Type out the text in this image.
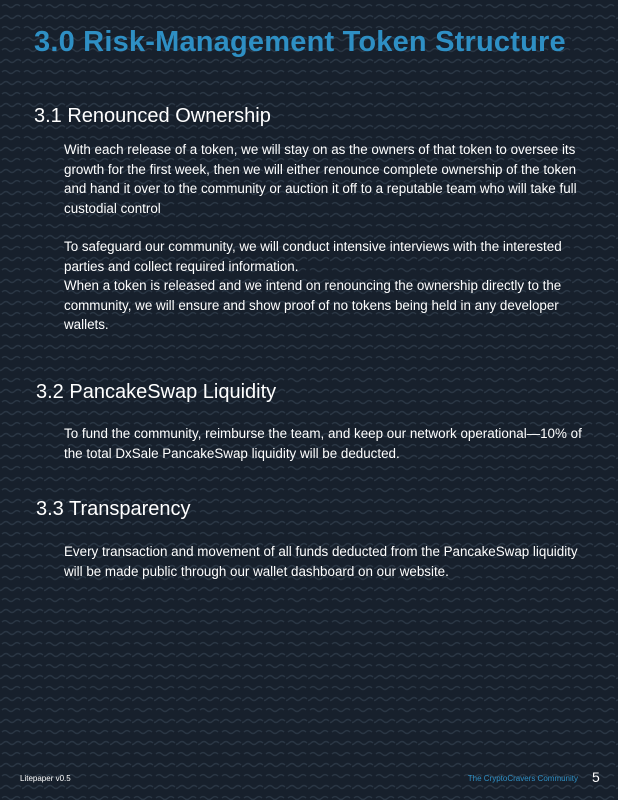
3.0 Risk-Management Token Structure
3.1 Renounced Ownership

With each release of a token, we will stay on as the owners of that token to oversee its growth for the first week, then we will either renounce complete ownership of the token and hand it over to the community or auction it off to a reputable team who will take full custodial control

To safeguard our community, we will conduct intensive interviews with the interested parties and collect required information.

When a token is released and we intend on renouncing the ownership directly to the community, we will ensure and show proof of no tokens being held in any developer wallets.

3.2 PancakeSwap Liquidity

To fund the community, reimburse the team, and keep our network operational—10% of the total DxSale PancakeSwap liquidity will be deducted.

3.3 Transparency

Every transaction and movement of all funds deducted from the PancakeSwap liquidity will be made public through our wallet dashboard on our website.

Litepaper v0.5	The CryptoCravers Community 5
